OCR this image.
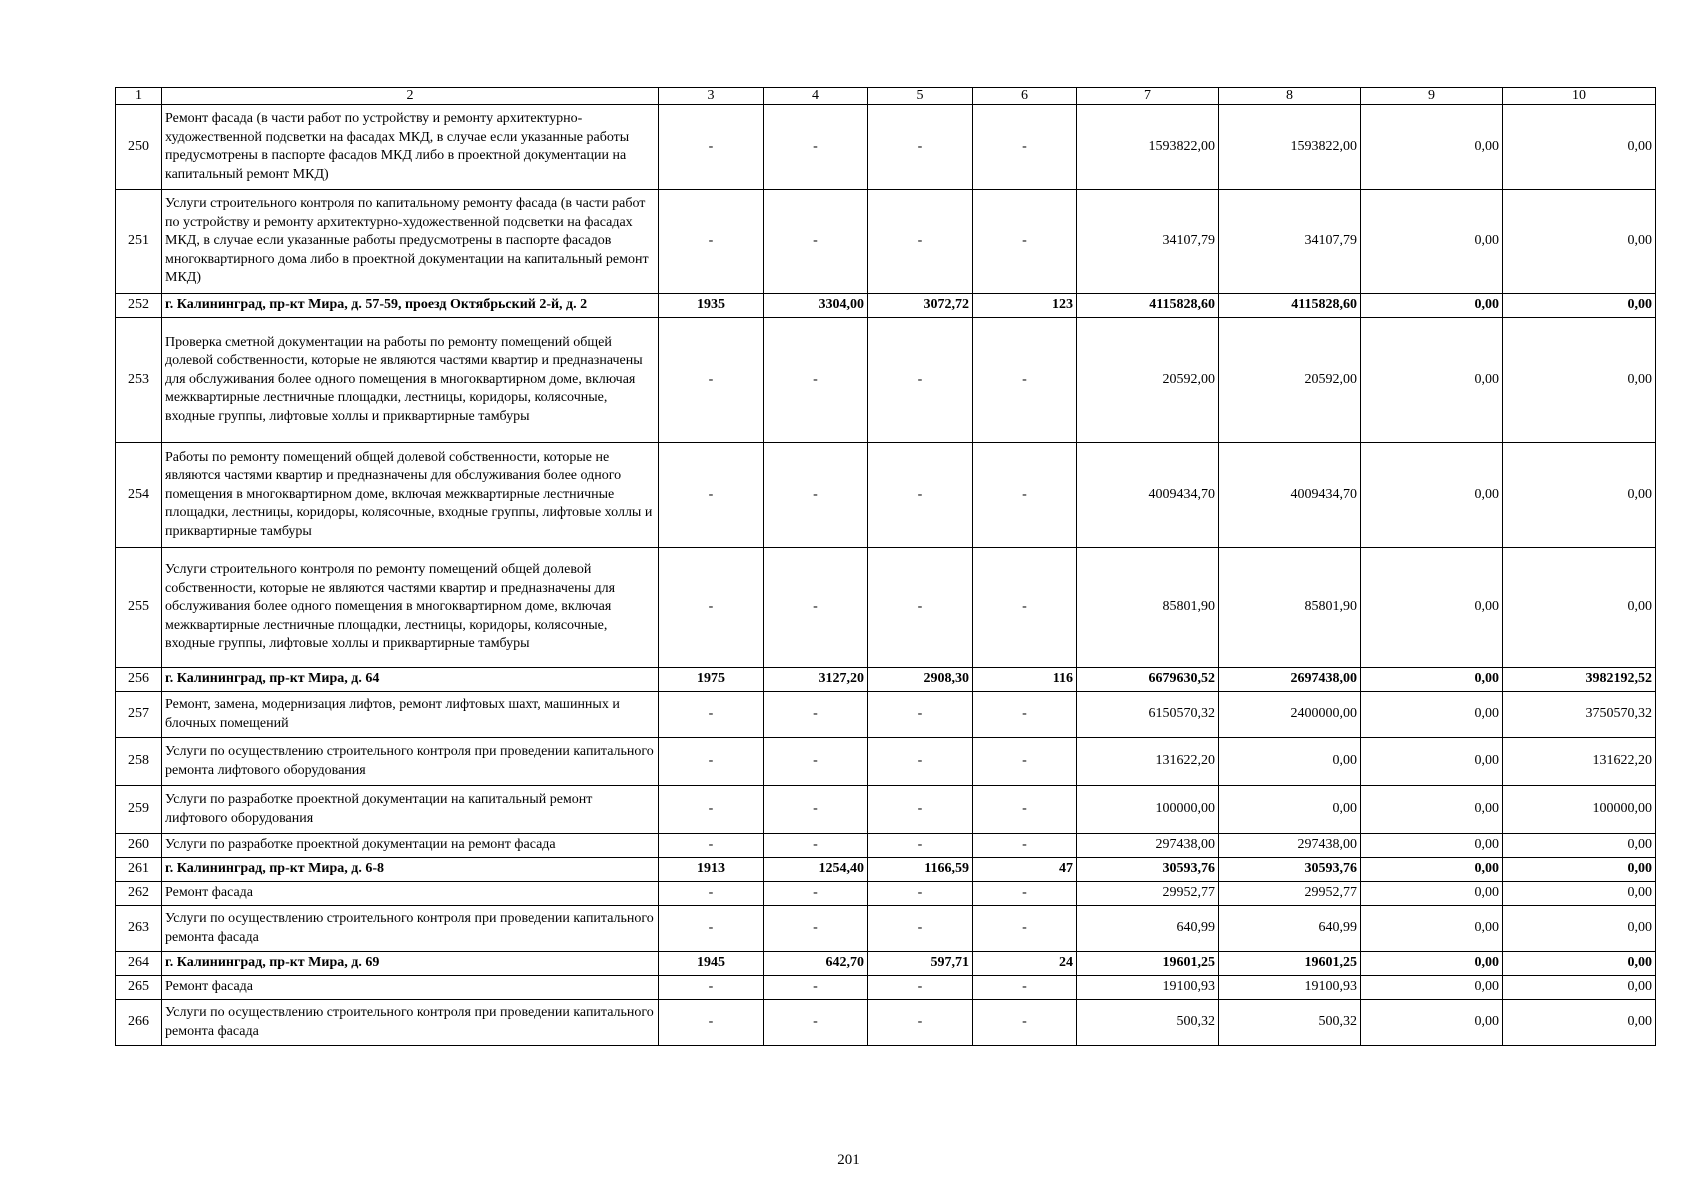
1	2	3	4	5	6	7	8	9	10
250	Ремонт фасада (в части работ по устройству и ремонту архитектурно-художественной подсветки на фасадах МКД, в случае если указанные работы предусмотрены в паспорте фасадов МКД либо в проектной документации на капитальный ремонт МКД)	-	-	-	-	1593822,00	1593822,00	0,00	0,00
251	Услуги строительного контроля по капитальному ремонту фасада (в части работ по устройству и ремонту архитектурно-художественной подсветки на фасадах МКД, в случае если указанные работы предусмотрены в паспорте фасадов многоквартирного дома либо в проектной документации на капитальный ремонт МКД)	-	-	-	-	34107,79	34107,79	0,00	0,00
252	г. Калининград, пр-кт Мира, д. 57-59, проезд Октябрьский 2-й, д. 2	1935	3304,00	3072,72	123	4115828,60	4115828,60	0,00	0,00
253	Проверка сметной документации на работы по ремонту помещений общей долевой собственности, которые не являются частями квартир и предназначены для обслуживания более одного помещения в многоквартирном доме, включая межквартирные лестничные площадки, лестницы, коридоры, колясочные, входные группы, лифтовые холлы и приквартирные тамбуры	-	-	-	-	20592,00	20592,00	0,00	0,00
254	Работы по ремонту помещений общей долевой собственности, которые не являются частями квартир и предназначены для обслуживания более одного помещения в многоквартирном доме, включая межквартирные лестничные площадки, лестницы, коридоры, колясочные, входные группы, лифтовые холлы и приквартирные тамбуры	-	-	-	-	4009434,70	4009434,70	0,00	0,00
255	Услуги строительного контроля по ремонту помещений общей долевой собственности, которые не являются частями квартир и предназначены для обслуживания более одного помещения в многоквартирном доме, включая межквартирные лестничные площадки, лестницы, коридоры, колясочные, входные группы, лифтовые холлы и приквартирные тамбуры	-	-	-	-	85801,90	85801,90	0,00	0,00
256	г. Калининград, пр-кт Мира, д. 64	1975	3127,20	2908,30	116	6679630,52	2697438,00	0,00	3982192,52
257	Ремонт, замена, модернизация лифтов, ремонт лифтовых шахт, машинных и блочных помещений	-	-	-	-	6150570,32	2400000,00	0,00	3750570,32
258	Услуги по осуществлению строительного контроля при проведении капитального ремонта лифтового оборудования	-	-	-	-	131622,20	0,00	0,00	131622,20
259	Услуги по разработке проектной документации на капитальный ремонт лифтового оборудования	-	-	-	-	100000,00	0,00	0,00	100000,00
260	Услуги по разработке проектной документации на ремонт фасада	-	-	-	-	297438,00	297438,00	0,00	0,00
261	г. Калининград, пр-кт Мира, д. 6-8	1913	1254,40	1166,59	47	30593,76	30593,76	0,00	0,00
262	Ремонт фасада	-	-	-	-	29952,77	29952,77	0,00	0,00
263	Услуги по осуществлению строительного контроля при проведении капитального ремонта фасада	-	-	-	-	640,99	640,99	0,00	0,00
264	г. Калининград, пр-кт Мира, д. 69	1945	642,70	597,71	24	19601,25	19601,25	0,00	0,00
265	Ремонт фасада	-	-	-	-	19100,93	19100,93	0,00	0,00
266	Услуги по осуществлению строительного контроля при проведении капитального ремонта фасада	-	-	-	-	500,32	500,32	0,00	0,00
201
